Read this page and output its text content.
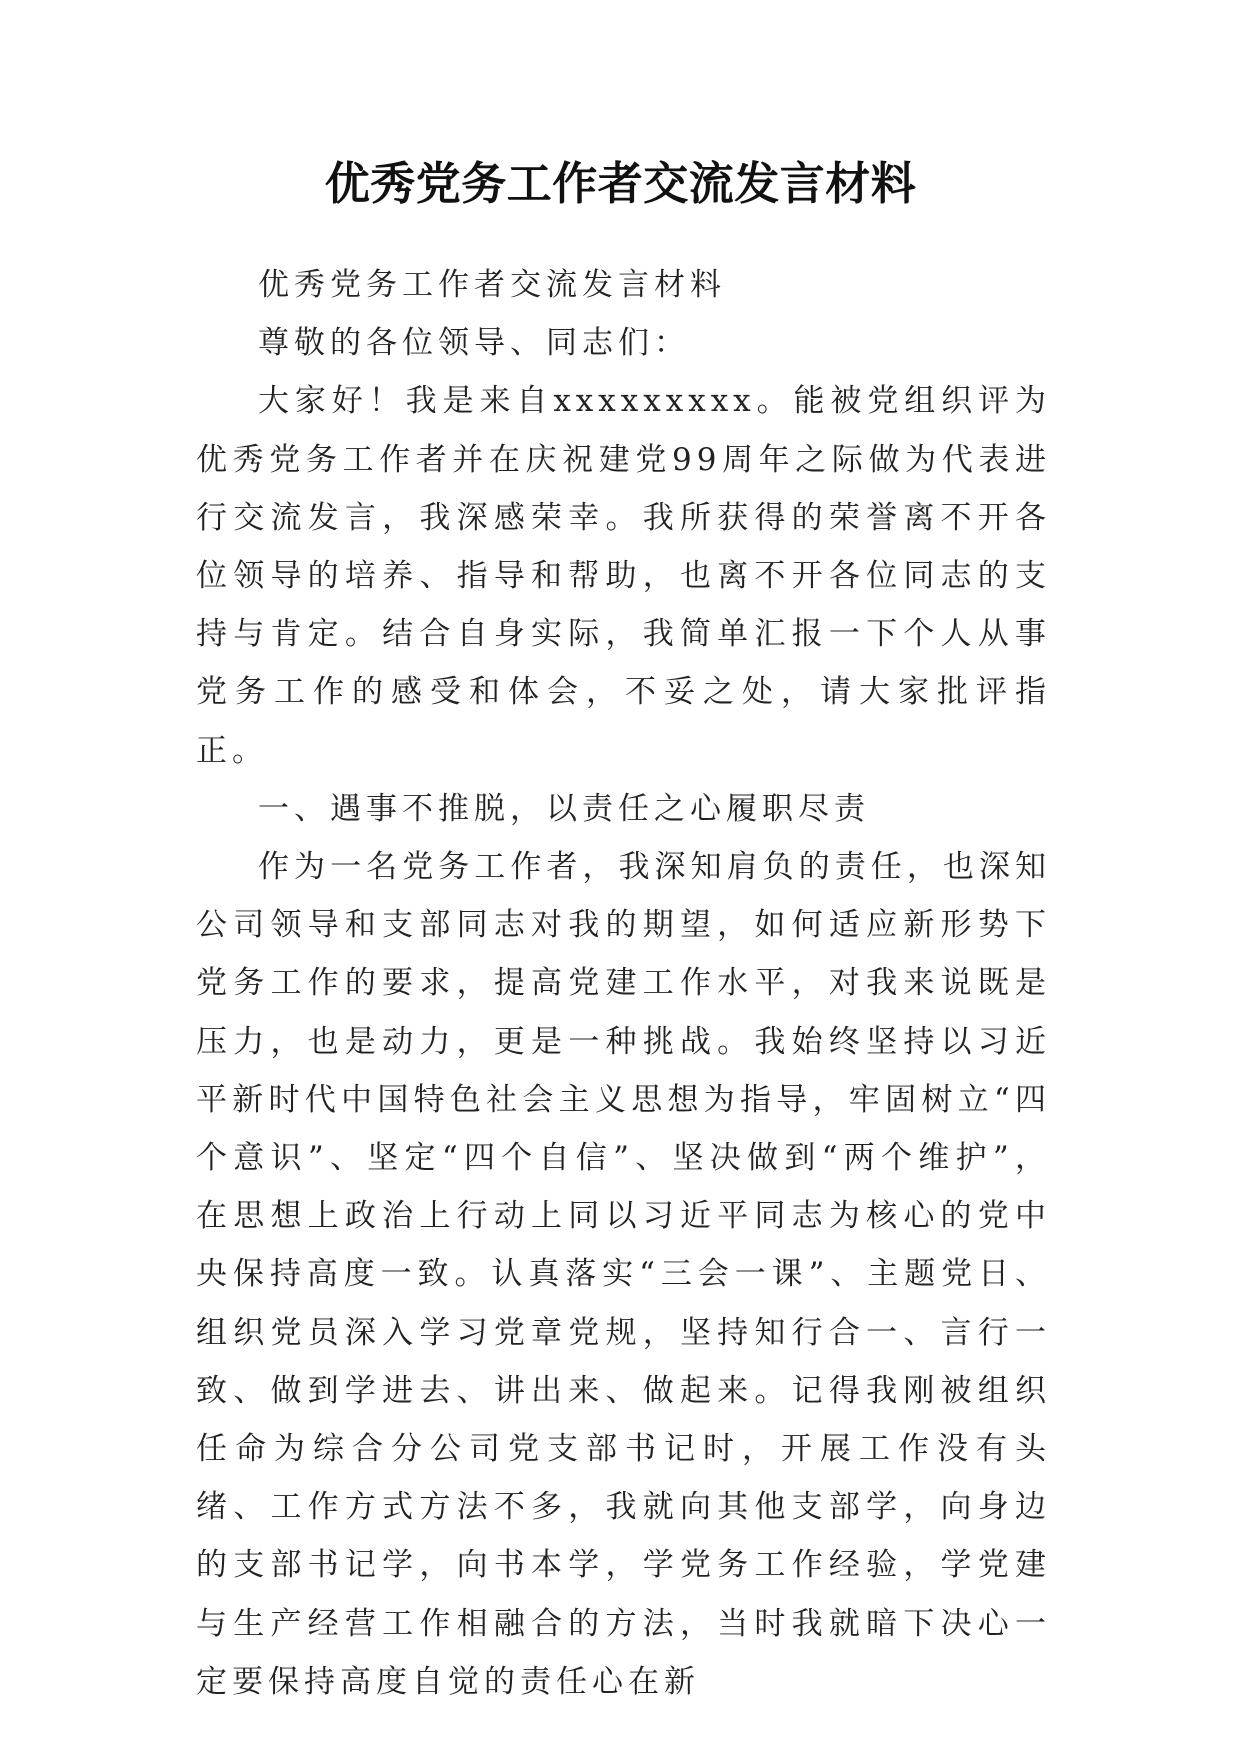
优秀党务工作者交流发言材料

优秀党务工作者交流发言材料

尊敬的各位领导、同志们：

大家好！我是来自xxxxxxxxx。能被党组织评为优秀党务工作者并在庆祝建党99周年之际做为代表进行交流发言，我深感荣幸。我所获得的荣誉离不开各位领导的培养、指导和帮助，也离不开各位同志的支持与肯定。结合自身实际，我简单汇报一下个人从事党务工作的感受和体会，不妥之处，请大家批评指正。

一、遇事不推脱，以责任之心履职尽责

作为一名党务工作者，我深知肩负的责任，也深知公司领导和支部同志对我的期望，如何适应新形势下党务工作的要求，提高党建工作水平，对我来说既是压力，也是动力，更是一种挑战。我始终坚持以习近平新时代中国特色社会主义思想为指导，牢固树立“四个意识”、坚定“四个自信”、坚决做到“两个维护”，在思想上政治上行动上同以习近平同志为核心的党中央保持高度一致。认真落实“三会一课”、主题党日、组织党员深入学习党章党规，坚持知行合一、言行一致、做到学进去、讲出来、做起来。记得我刚被组织任命为综合分公司党支部书记时，开展工作没有头绪、工作方式方法不多，我就向其他支部学，向身边的支部书记学，向书本学，学党务工作经验，学党建与生产经营工作相融合的方法，当时我就暗下决心一定要保持高度自觉的责任心在新
